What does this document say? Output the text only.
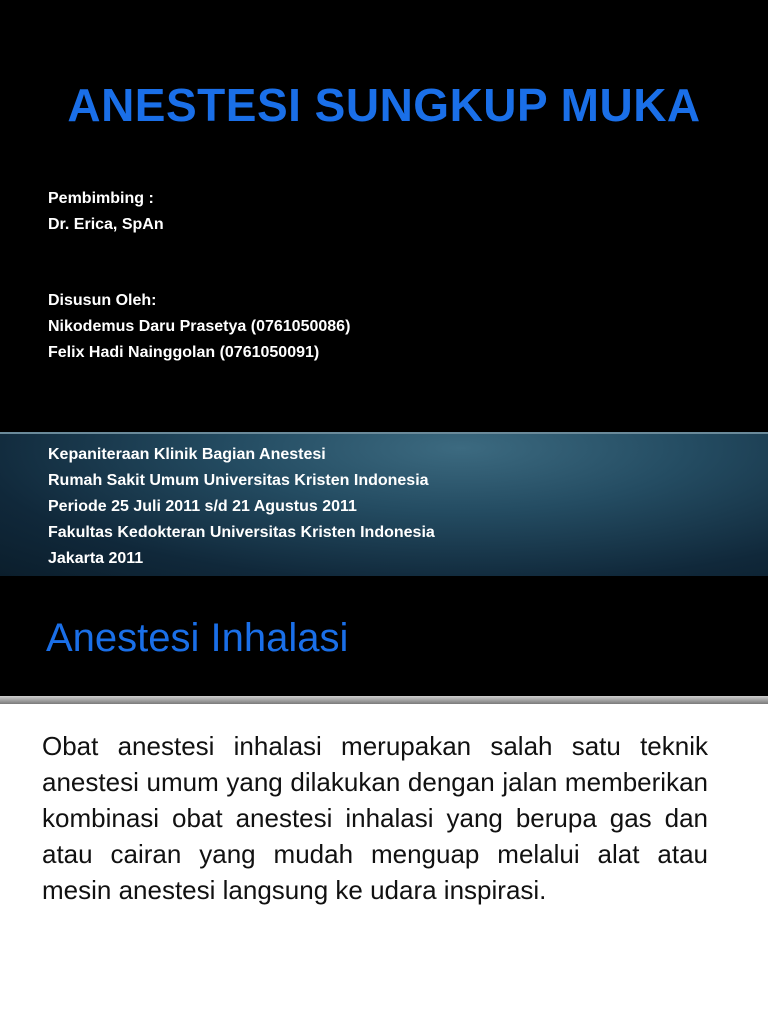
ANESTESI SUNGKUP MUKA
Pembimbing :
Dr. Erica, SpAn
Disusun Oleh:
Nikodemus Daru Prasetya (0761050086)
Felix Hadi Nainggolan (0761050091)
Kepaniteraan Klinik Bagian Anestesi
Rumah Sakit Umum Universitas Kristen Indonesia
Periode 25 Juli 2011 s/d 21 Agustus 2011
Fakultas Kedokteran Universitas Kristen Indonesia
Jakarta 2011
Anestesi Inhalasi

Obat anestesi inhalasi merupakan salah satu teknik anestesi umum yang dilakukan dengan jalan memberikan kombinasi obat anestesi inhalasi yang berupa gas dan atau cairan yang mudah menguap melalui alat atau mesin anestesi langsung ke udara inspirasi.
